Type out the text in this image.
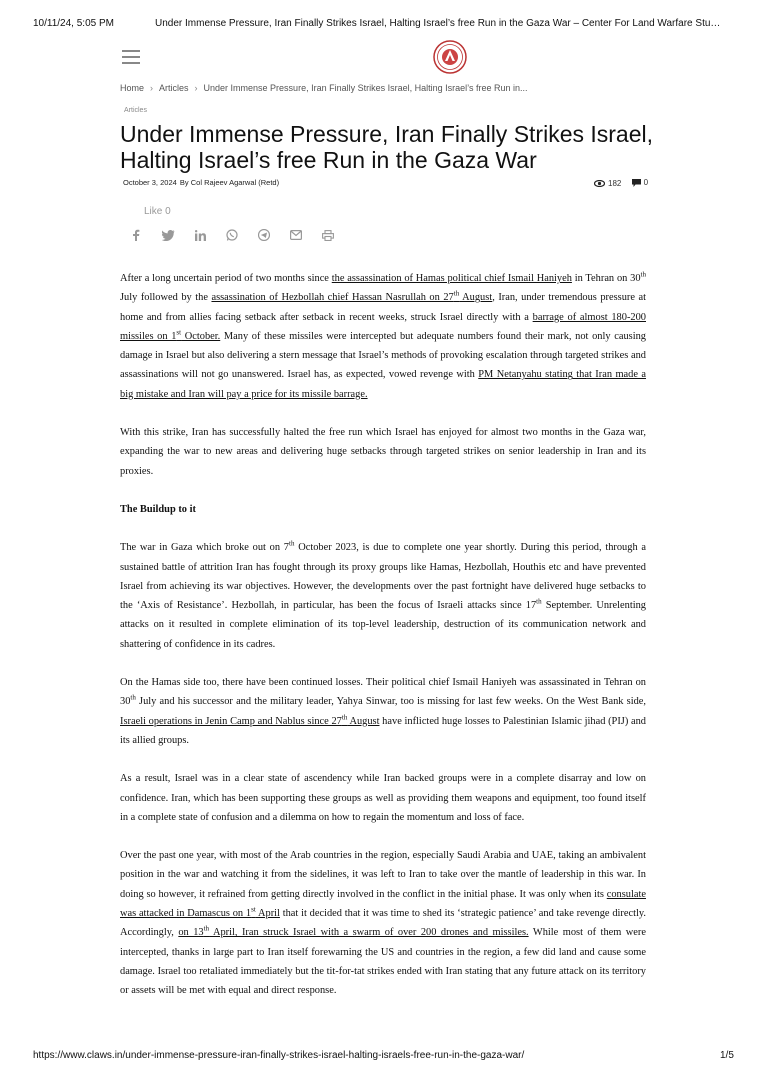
10/11/24, 5:05 PM	Under Immense Pressure, Iran Finally Strikes Israel, Halting Israel’s free Run in the Gaza War – Center For Land Warfare Stu…
Home › Articles › Under Immense Pressure, Iran Finally Strikes Israel, Halting Israel’s free Run in...
Articles
Under Immense Pressure, Iran Finally Strikes Israel, Halting Israel’s free Run in the Gaza War
October 3, 2024 By Col Rajeev Agarwal (Retd)	182
	0
Like 0

After a long uncertain period of two months since the assassination of Hamas political chief Ismail Haniyeh in Tehran on 30th July followed by the assassination of Hezbollah chief Hassan Nasrullah on 27th August, Iran, under tremendous pressure at home and from allies facing setback after setback in recent weeks, struck Israel directly with a barrage of almost 180-200 missiles on 1st October. Many of these missiles were intercepted but adequate numbers found their mark, not only causing damage in Israel but also delivering a stern message that Israel’s methods of provoking escalation through targeted strikes and assassinations will not go unanswered. Israel has, as expected, vowed revenge with PM Netanyahu stating that Iran made a big mistake and Iran will pay a price for its missile barrage.

With this strike, Iran has successfully halted the free run which Israel has enjoyed for almost two months in the Gaza war, expanding the war to new areas and delivering huge setbacks through targeted strikes on senior leadership in Iran and its proxies.

The Buildup to it

The war in Gaza which broke out on 7th October 2023, is due to complete one year shortly. During this period, through a sustained battle of attrition Iran has fought through its proxy groups like Hamas, Hezbollah, Houthis etc and have prevented Israel from achieving its war objectives. However, the developments over the past fortnight have delivered huge setbacks to the ‘Axis of Resistance’. Hezbollah, in particular, has been the focus of Israeli attacks since 17th September. Unrelenting attacks on it resulted in complete elimination of its top-level leadership, destruction of its communication network and shattering of confidence in its cadres.

On the Hamas side too, there have been continued losses. Their political chief Ismail Haniyeh was assassinated in Tehran on 30th July and his successor and the military leader, Yahya Sinwar, too is missing for last few weeks. On the West Bank side, Israeli operations in Jenin Camp and Nablus since 27th August have inflicted huge losses to Palestinian Islamic jihad (PIJ) and its allied groups.

As a result, Israel was in a clear state of ascendency while Iran backed groups were in a complete disarray and low on confidence. Iran, which has been supporting these groups as well as providing them weapons and equipment, too found itself in a complete state of confusion and a dilemma on how to regain the momentum and loss of face.

Over the past one year, with most of the Arab countries in the region, especially Saudi Arabia and UAE, taking an ambivalent position in the war and watching it from the sidelines, it was left to Iran to take over the mantle of leadership in this war. In doing so however, it refrained from getting directly involved in the conflict in the initial phase. It was only when its consulate was attacked in Damascus on 1st April that it decided that it was time to shed its ‘strategic patience’ and take revenge directly. Accordingly, on 13th April, Iran struck Israel with a swarm of over 200 drones and missiles. While most of them were intercepted, thanks in large part to Iran itself forewarning the US and countries in the region, a few did land and cause some damage. Israel too retaliated immediately but the tit-for-tat strikes ended with Iran stating that any future attack on its territory or assets will be met with equal and direct response.

https://www.claws.in/under-immense-pressure-iran-finally-strikes-israel-halting-israels-free-run-in-the-gaza-war/	1/5
